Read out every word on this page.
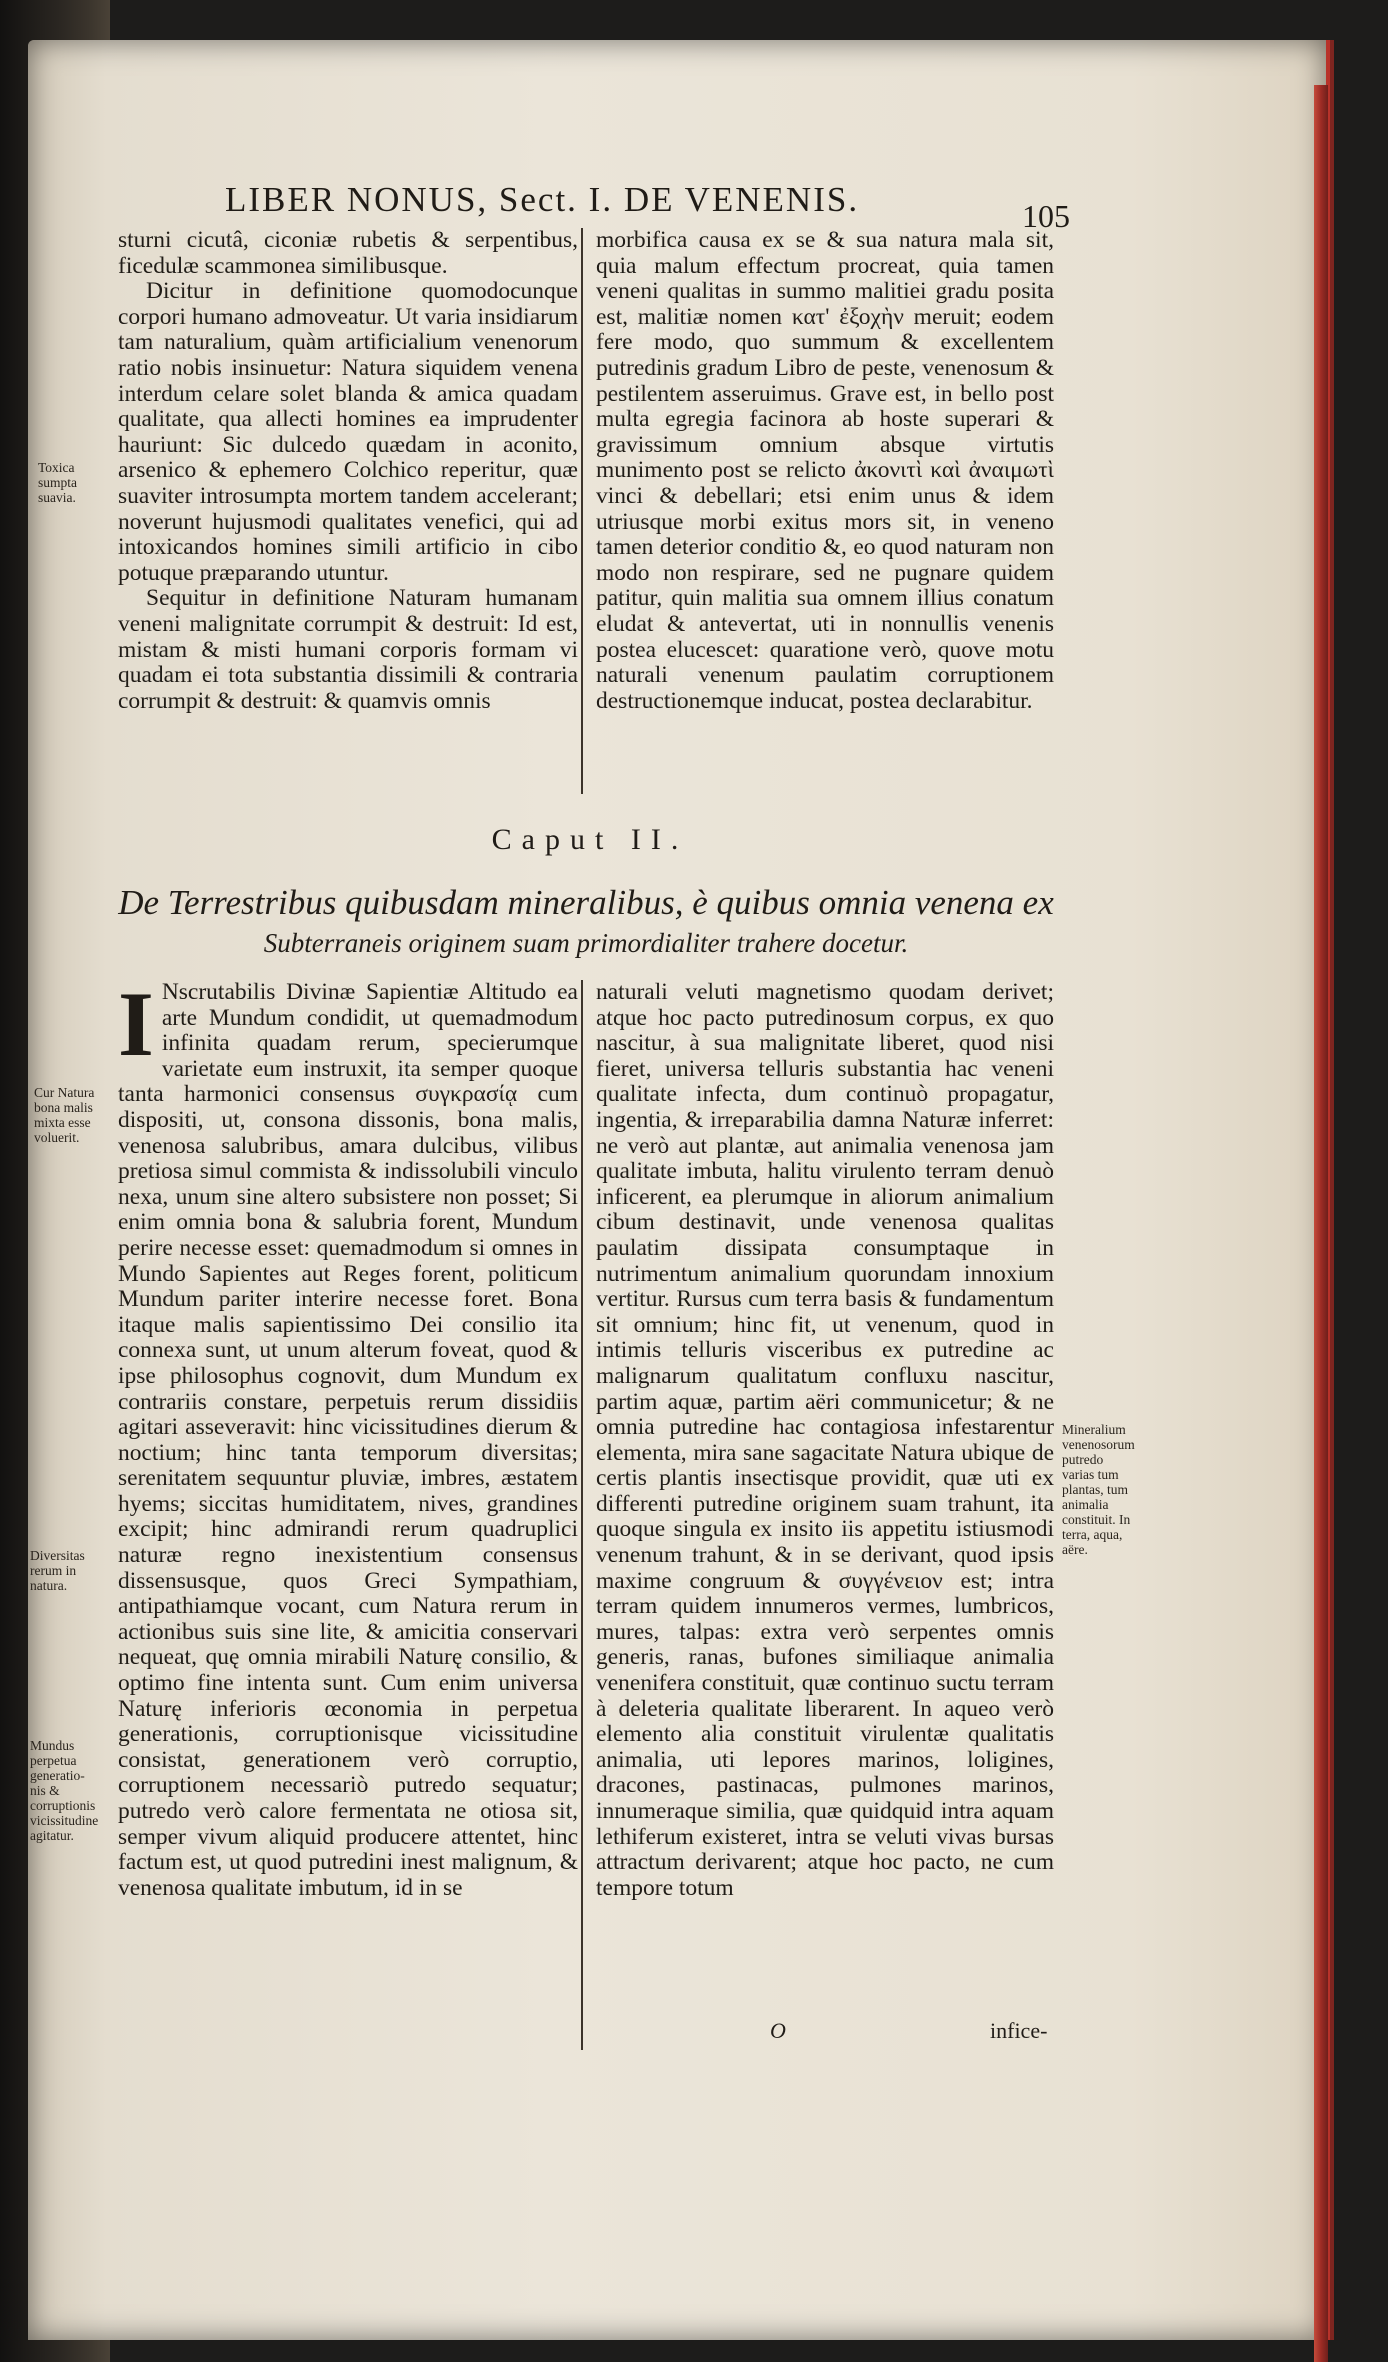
LIBER NONUS, Sect. I. DE VENENIS.	105

sturni cicutâ, ciconiæ rubetis & serpentibus, ficedulæ scammonea similibusque.

Dicitur in definitione quomodocunque corpori humano admoveatur. Ut varia insidiarum tam naturalium, quàm artificialium venenorum ratio nobis insinuetur: Natura siquidem venena interdum celare solet blanda & amica quadam qualitate, qua allecti homines ea imprudenter hauriunt: Sic dulcedo quædam in aconito, arsenico & ephemero Colchico reperitur, quæ suaviter introsumpta mortem tandem accelerant; noverunt hujusmodi qualitates venefici, qui ad intoxicandos homines simili artificio in cibo potuque præparando utuntur.

Sequitur in definitione Naturam humanam veneni malignitate corrumpit & destruit: Id est, mistam & misti humani corporis formam vi quadam ei tota substantia dissimili & contraria corrumpit & destruit: & quamvis omnis

morbifica causa ex se & sua natura mala sit, quia malum effectum procreat, quia tamen veneni qualitas in summo malitiei gradu posita est, malitiæ nomen κατ' ἐξοχὴν meruit; eodem fere modo, quo summum & excellentem putredinis gradum Libro de peste, venenosum & pestilentem asseruimus. Grave est, in bello post multa egregia facinora ab hoste superari & gravissimum omnium absque virtutis munimento post se relicto ἀκονιτὶ καὶ ἀναιμωτὶ vinci & debellari; etsi enim unus & idem utriusque morbi exitus mors sit, in veneno tamen deterior conditio &, eo quod naturam non modo non respirare, sed ne pugnare quidem patitur, quin malitia sua omnem illius conatum eludat & antevertat, uti in nonnullis venenis postea elucescet: quaratione verò, quove motu naturali venenum paulatim corruptionem destructionemque inducat, postea declarabitur.

Toxica sumpta suavia.
Caput II.
De Terrestribus quibusdam mineralibus, è quibus omnia venena ex
Subterraneis originem suam primordialiter trahere docetur.

I Nscrutabilis Divinæ Sapientiæ Altitudo ea arte Mundum condidit, ut quemadmodum infinita quadam rerum, specierumque varietate eum instruxit, ita semper quoque tanta harmonici consensus συγκρασίᾳ cum dispositi, ut, consona dissonis, bona malis, venenosa salubribus, amara dulcibus, vilibus pretiosa simul commista & indissolubili vinculo nexa, unum sine altero subsistere non posset; Si enim omnia bona & salubria forent, Mundum perire necesse esset: quemadmodum si omnes in Mundo Sapientes aut Reges forent, politicum Mundum pariter interire necesse foret. Bona itaque malis sapientissimo Dei consilio ita connexa sunt, ut unum alterum foveat, quod & ipse philosophus cognovit, dum Mundum ex contrariis constare, perpetuis rerum dissidiis agitari asseveravit: hinc vicissitudines dierum & noctium; hinc tanta temporum diversitas; serenitatem sequuntur pluviæ, imbres, æstatem hyems; siccitas humiditatem, nives, grandines excipit; hinc admirandi rerum quadruplici naturæ regno inexistentium consensus dissensusque, quos Greci Sympathiam, antipathiamque vocant, cum Natura rerum in actionibus suis sine lite, & amicitia conservari nequeat, quę omnia mirabili Naturę consilio, & optimo fine intenta sunt. Cum enim universa Naturę inferioris œconomia in perpetua generationis, corruptionisque vicissitudine consistat, generationem verò corruptio, corruptionem necessariò putredo sequatur; putredo verò calore fermentata ne otiosa sit, semper vivum aliquid producere attentet, hinc factum est, ut quod putredini inest malignum, & venenosa qualitate imbutum, id in se

naturali veluti magnetismo quodam derivet; atque hoc pacto putredinosum corpus, ex quo nascitur, à sua malignitate liberet, quod nisi fieret, universa telluris substantia hac veneni qualitate infecta, dum continuò propagatur, ingentia, & irreparabilia damna Naturæ inferret: ne verò aut plantæ, aut animalia venenosa jam qualitate imbuta, halitu virulento terram denuò inficerent, ea plerumque in aliorum animalium cibum destinavit, unde venenosa qualitas paulatim dissipata consumptaque in nutrimentum animalium quorundam innoxium vertitur. Rursus cum terra basis & fundamentum sit omnium; hinc fit, ut venenum, quod in intimis telluris visceribus ex putredine ac malignarum qualitatum confluxu nascitur, partim aquæ, partim aëri communicetur; & ne omnia putredine hac contagiosa infestarentur elementa, mira sane sagacitate Natura ubique de certis plantis insectisque providit, quæ uti ex differenti putredine originem suam trahunt, ita quoque singula ex insito iis appetitu istiusmodi venenum trahunt, & in se derivant, quod ipsis maxime congruum & συγγένειον est; intra terram quidem innumeros vermes, lumbricos, mures, talpas: extra verò serpentes omnis generis, ranas, bufones similiaque animalia venenifera constituit, quæ continuo suctu terram à deleteria qualitate liberarent. In aqueo verò elemento alia constituit virulentæ qualitatis animalia, uti lepores marinos, loligines, dracones, pastinacas, pulmones marinos, innumeraque similia, quæ quidquid intra aquam lethiferum existeret, intra se veluti vivas bursas attractum derivarent; atque hoc pacto, ne cum tempore totum

Cur Natura bona malis mixta esse voluerit.
Diversitas rerum in natura.
Mundus perpetua generatio-nis & corruptionis vicissitudine agitatur.
Mineralium venenosorum putredo varias tum plantas, tum animalia constituit. In terra, aqua, aëre.
O	infice-
